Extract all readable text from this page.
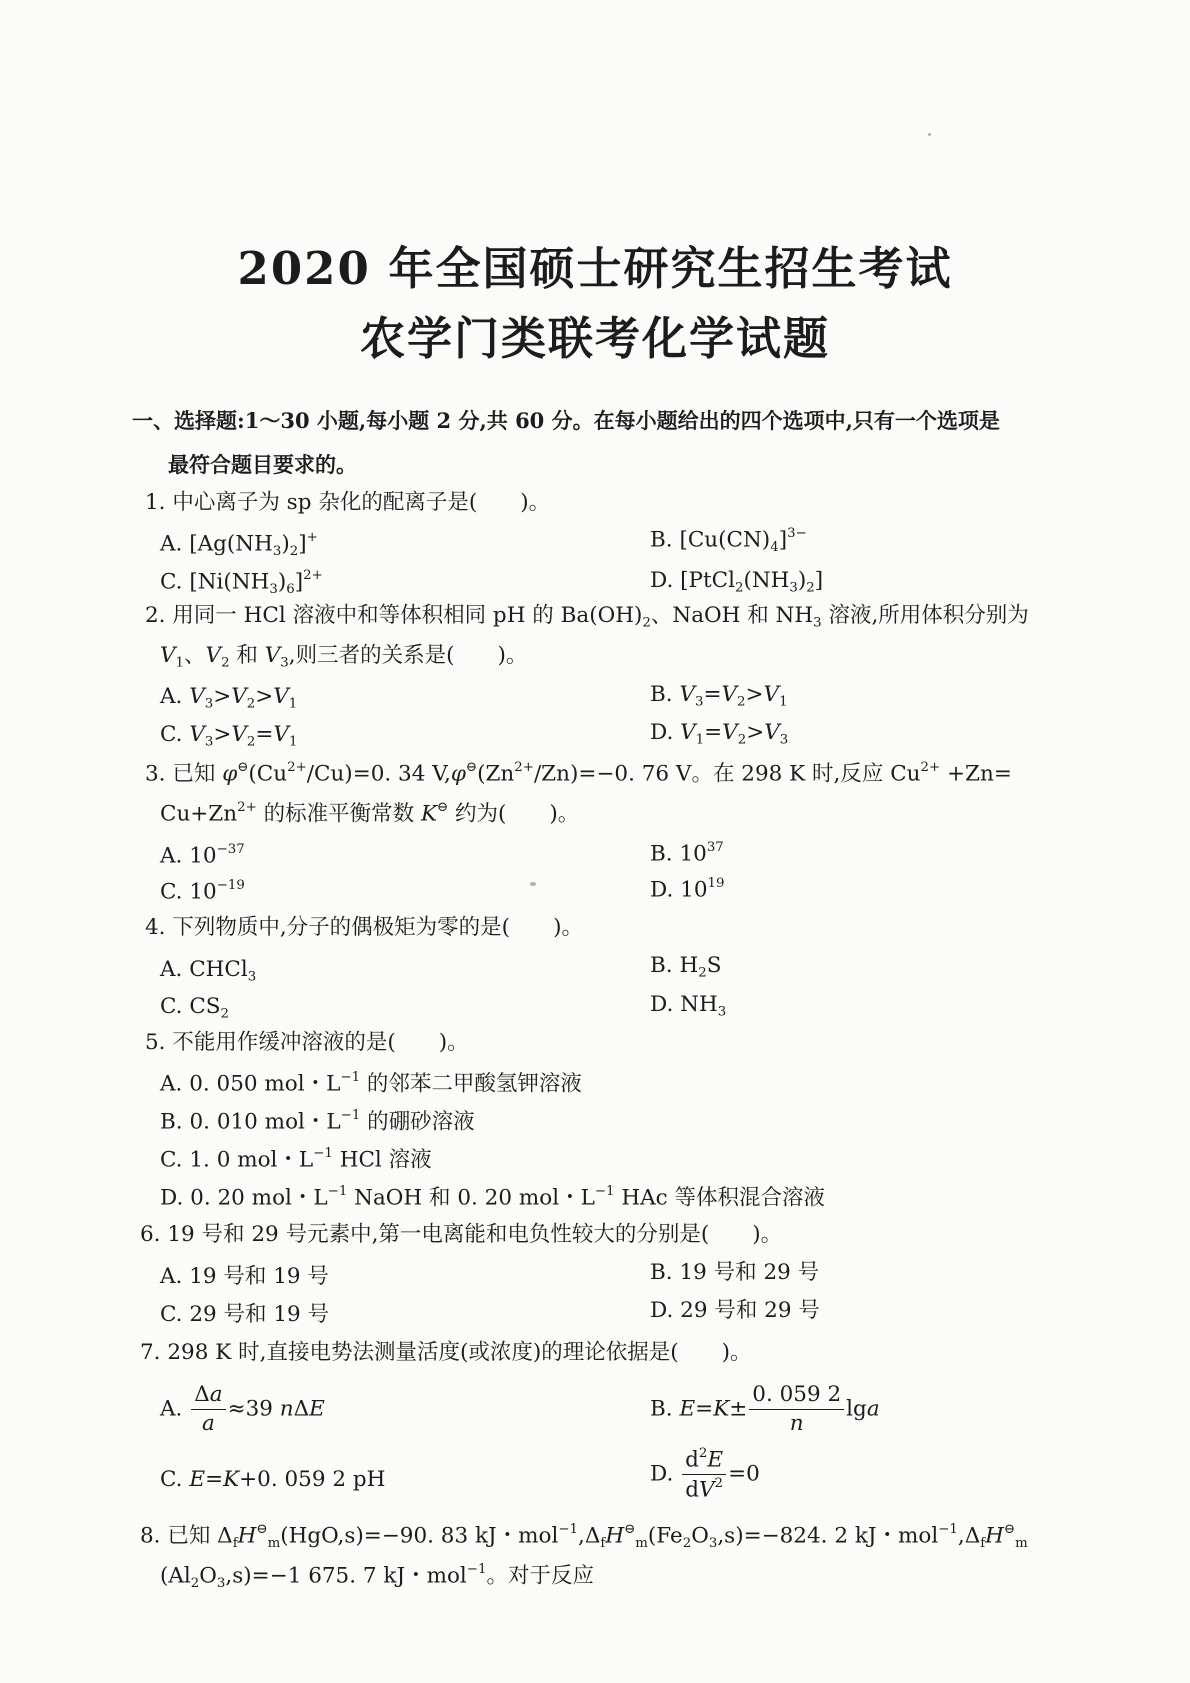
2020 年全国硕士研究生招生考试
农学门类联考化学试题
一、选择题:1～30 小题,每小题 2 分,共 60 分。在每小题给出的四个选项中,只有一个选项是
最符合题目要求的。
1. 中心离子为 sp 杂化的配离子是(　　)。
A. $[Ag(NH_3)_2]^+$	B. $[Cu(CN)_4]^{3-}$
C. $[Ni(NH_3)_6]^{2+}$	D. $[PtCl_2(NH_3)_2]$
2. 用同一 HCl 溶液中和等体积相同 pH 的 $Ba(OH)_2$、NaOH 和 $NH_3$ 溶液,所用体积分别为
$V_1$、$V_2$ 和 $V_3$,则三者的关系是(　　)。
A. $V_3>V_2>V_1$	B. $V_3=V_2>V_1$
C. $V_3>V_2=V_1$	D. $V_1=V_2>V_3$
3. 已知 $\varphi^⊖(Cu^{2+}/Cu)=0$. 34 $V,\varphi^⊖(Zn^{2+}/Zn)=-0$. 76 V。在 298 K 时,反应 $Cu^{2+} +Zn=$
$Cu+Zn^{2+}$ 的标准平衡常数 K⊖ 约为(　　)。
A. $10^{-37}$	B. $10^{37}$
C. $10^{-19}$	D. $10^{19}$
4. 下列物质中,分子的偶极矩为零的是(　　)。
A. CHCl$_3$	B. $H_2S$
C. $CS_2$	D. $NH_3$
5. 不能用作缓冲溶液的是(　　)。
A. 0. 050 mol・$L^{-1}$ 的邻苯二甲酸氢钾溶液
B. 0. 010 mol・$L^{-1}$ 的硼砂溶液
C. 1. 0 mol・$L^{-1}$ HCl 溶液
D. 0. 20 mol・$L^{-1}$ NaOH 和 0. 20 mol・$L^{-1}$ HAc 等体积混合溶液
6. 19 号和 29 号元素中,第一电离能和电负性较大的分别是(　　)。
A. 19 号和 19 号	B. 19 号和 29 号
C. 29 号和 19 号	D. 29 号和 29 号
7. 298 K 时,直接电势法测量活度(或浓度)的理论依据是(　　)。
A. $\frac{\Delta a}{a} \approx 39$ nΔE	B. $E=K\pm \frac{0. 059 2}{n}$ lga
C. E=K+0. 059 2 pH	D. $\frac{d^2E}{dV^2} =0$
8. 已知 $\Delta_fH^⊖_m(HgO,s)=-90$. 83 kJ・$mol^{-1},\Delta_fH^⊖_m(Fe_2O_3,s)=-824$. 2 kJ・$mol^{-1},\Delta_fH^⊖_m$
$(Al_2O_3,s)=-1$ 675. 7 kJ・mol$^{-1}$。对于反应
